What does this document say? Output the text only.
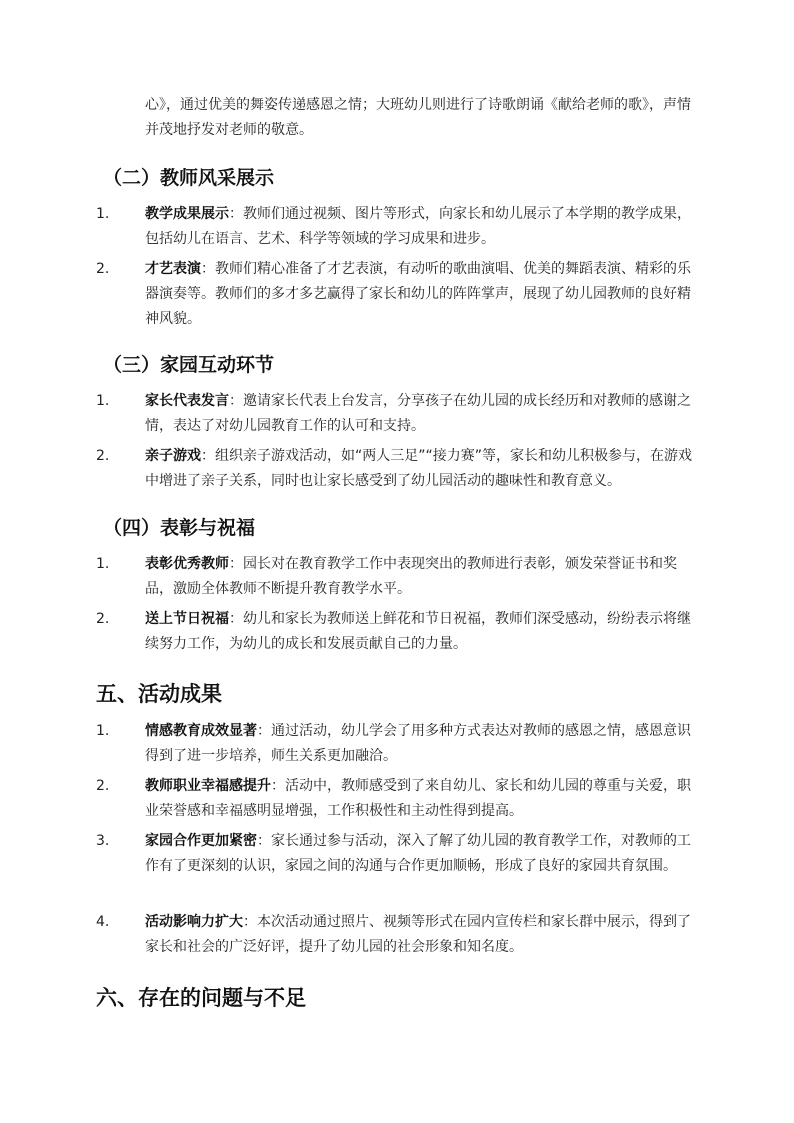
心》，通过优美的舞姿传递感恩之情；大班幼儿则进行了诗歌朗诵《献给老师的歌》，声情并茂地抒发对老师的敬意。

（二）教师风采展示
1.	教学成果展示：教师们通过视频、图片等形式，向家长和幼儿展示了本学期的教学成果，包括幼儿在语言、艺术、科学等领域的学习成果和进步。

2.	才艺表演：教师们精心准备了才艺表演，有动听的歌曲演唱、优美的舞蹈表演、精彩的乐器演奏等。教师们的多才多艺赢得了家长和幼儿的阵阵掌声，展现了幼儿园教师的良好精神风貌。

（三）家园互动环节
1.	家长代表发言：邀请家长代表上台发言，分享孩子在幼儿园的成长经历和对教师的感谢之情，表达了对幼儿园教育工作的认可和支持。

2.	亲子游戏：组织亲子游戏活动，如“两人三足”“接力赛”等，家长和幼儿积极参与，在游戏中增进了亲子关系，同时也让家长感受到了幼儿园活动的趣味性和教育意义。

（四）表彰与祝福
1.	表彰优秀教师：园长对在教育教学工作中表现突出的教师进行表彰，颁发荣誉证书和奖品，激励全体教师不断提升教育教学水平。

2.	送上节日祝福：幼儿和家长为教师送上鲜花和节日祝福，教师们深受感动，纷纷表示将继续努力工作，为幼儿的成长和发展贡献自己的力量。

五、活动成果
1.	情感教育成效显著：通过活动，幼儿学会了用多种方式表达对教师的感恩之情，感恩意识得到了进一步培养，师生关系更加融洽。

2.	教师职业幸福感提升：活动中，教师感受到了来自幼儿、家长和幼儿园的尊重与关爱，职业荣誉感和幸福感明显增强，工作积极性和主动性得到提高。

3.	家园合作更加紧密：家长通过参与活动，深入了解了幼儿园的教育教学工作，对教师的工作有了更深刻的认识，家园之间的沟通与合作更加顺畅，形成了良好的家园共育氛围。

4.	活动影响力扩大：本次活动通过照片、视频等形式在园内宣传栏和家长群中展示，得到了家长和社会的广泛好评，提升了幼儿园的社会形象和知名度。

六、存在的问题与不足
